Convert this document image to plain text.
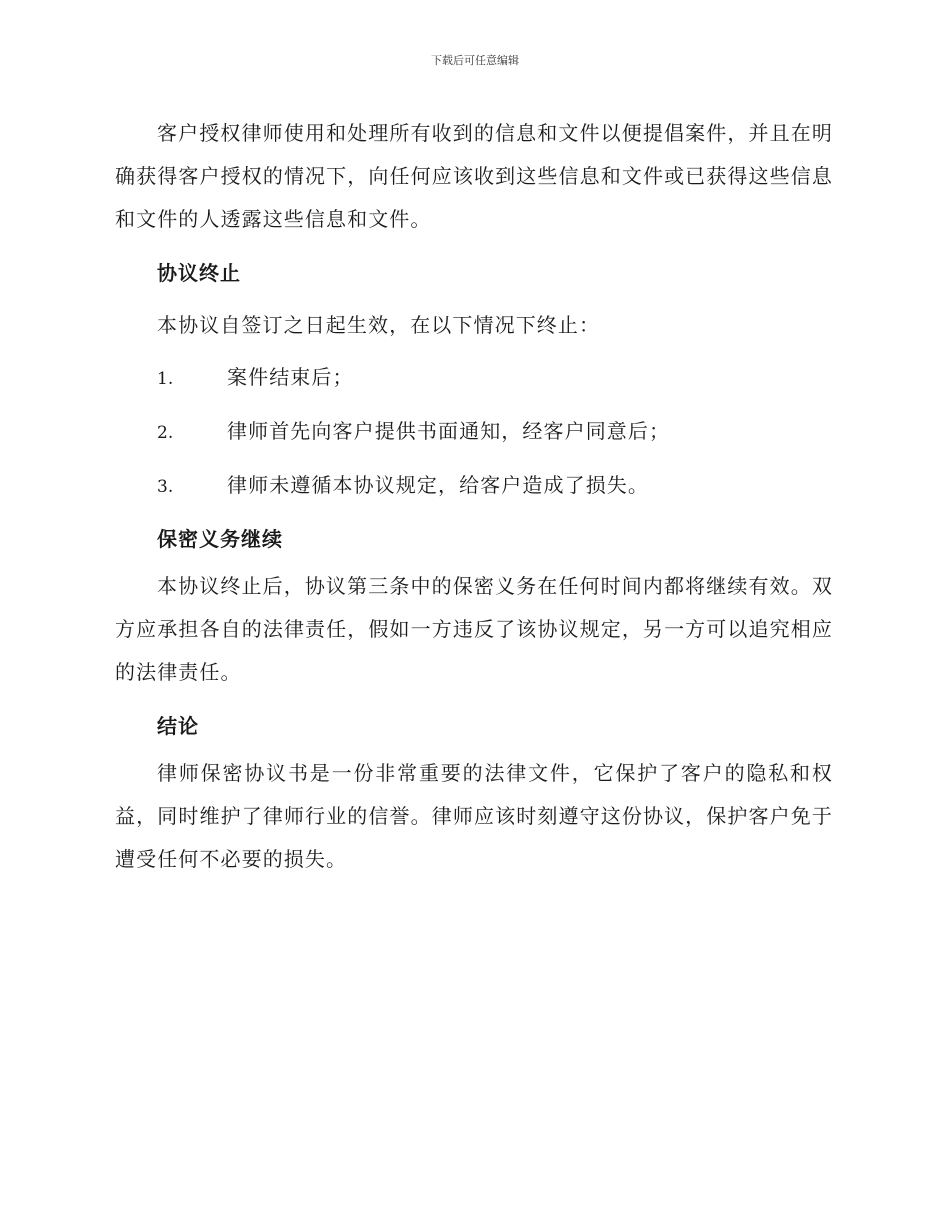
下载后可任意编辑

客户授权律师使用和处理所有收到的信息和文件以便提倡案件，并且在明确获得客户授权的情况下，向任何应该收到这些信息和文件或已获得这些信息和文件的人透露这些信息和文件。

协议终止

本协议自签订之日起生效，在以下情况下终止：

1.	案件结束后；
2.	律师首先向客户提供书面通知，经客户同意后；
3.	律师未遵循本协议规定，给客户造成了损失。
保密义务继续

本协议终止后，协议第三条中的保密义务在任何时间内都将继续有效。双方应承担各自的法律责任，假如一方违反了该协议规定，另一方可以追究相应的法律责任。

结论

律师保密协议书是一份非常重要的法律文件，它保护了客户的隐私和权益，同时维护了律师行业的信誉。律师应该时刻遵守这份协议，保护客户免于遭受任何不必要的损失。
